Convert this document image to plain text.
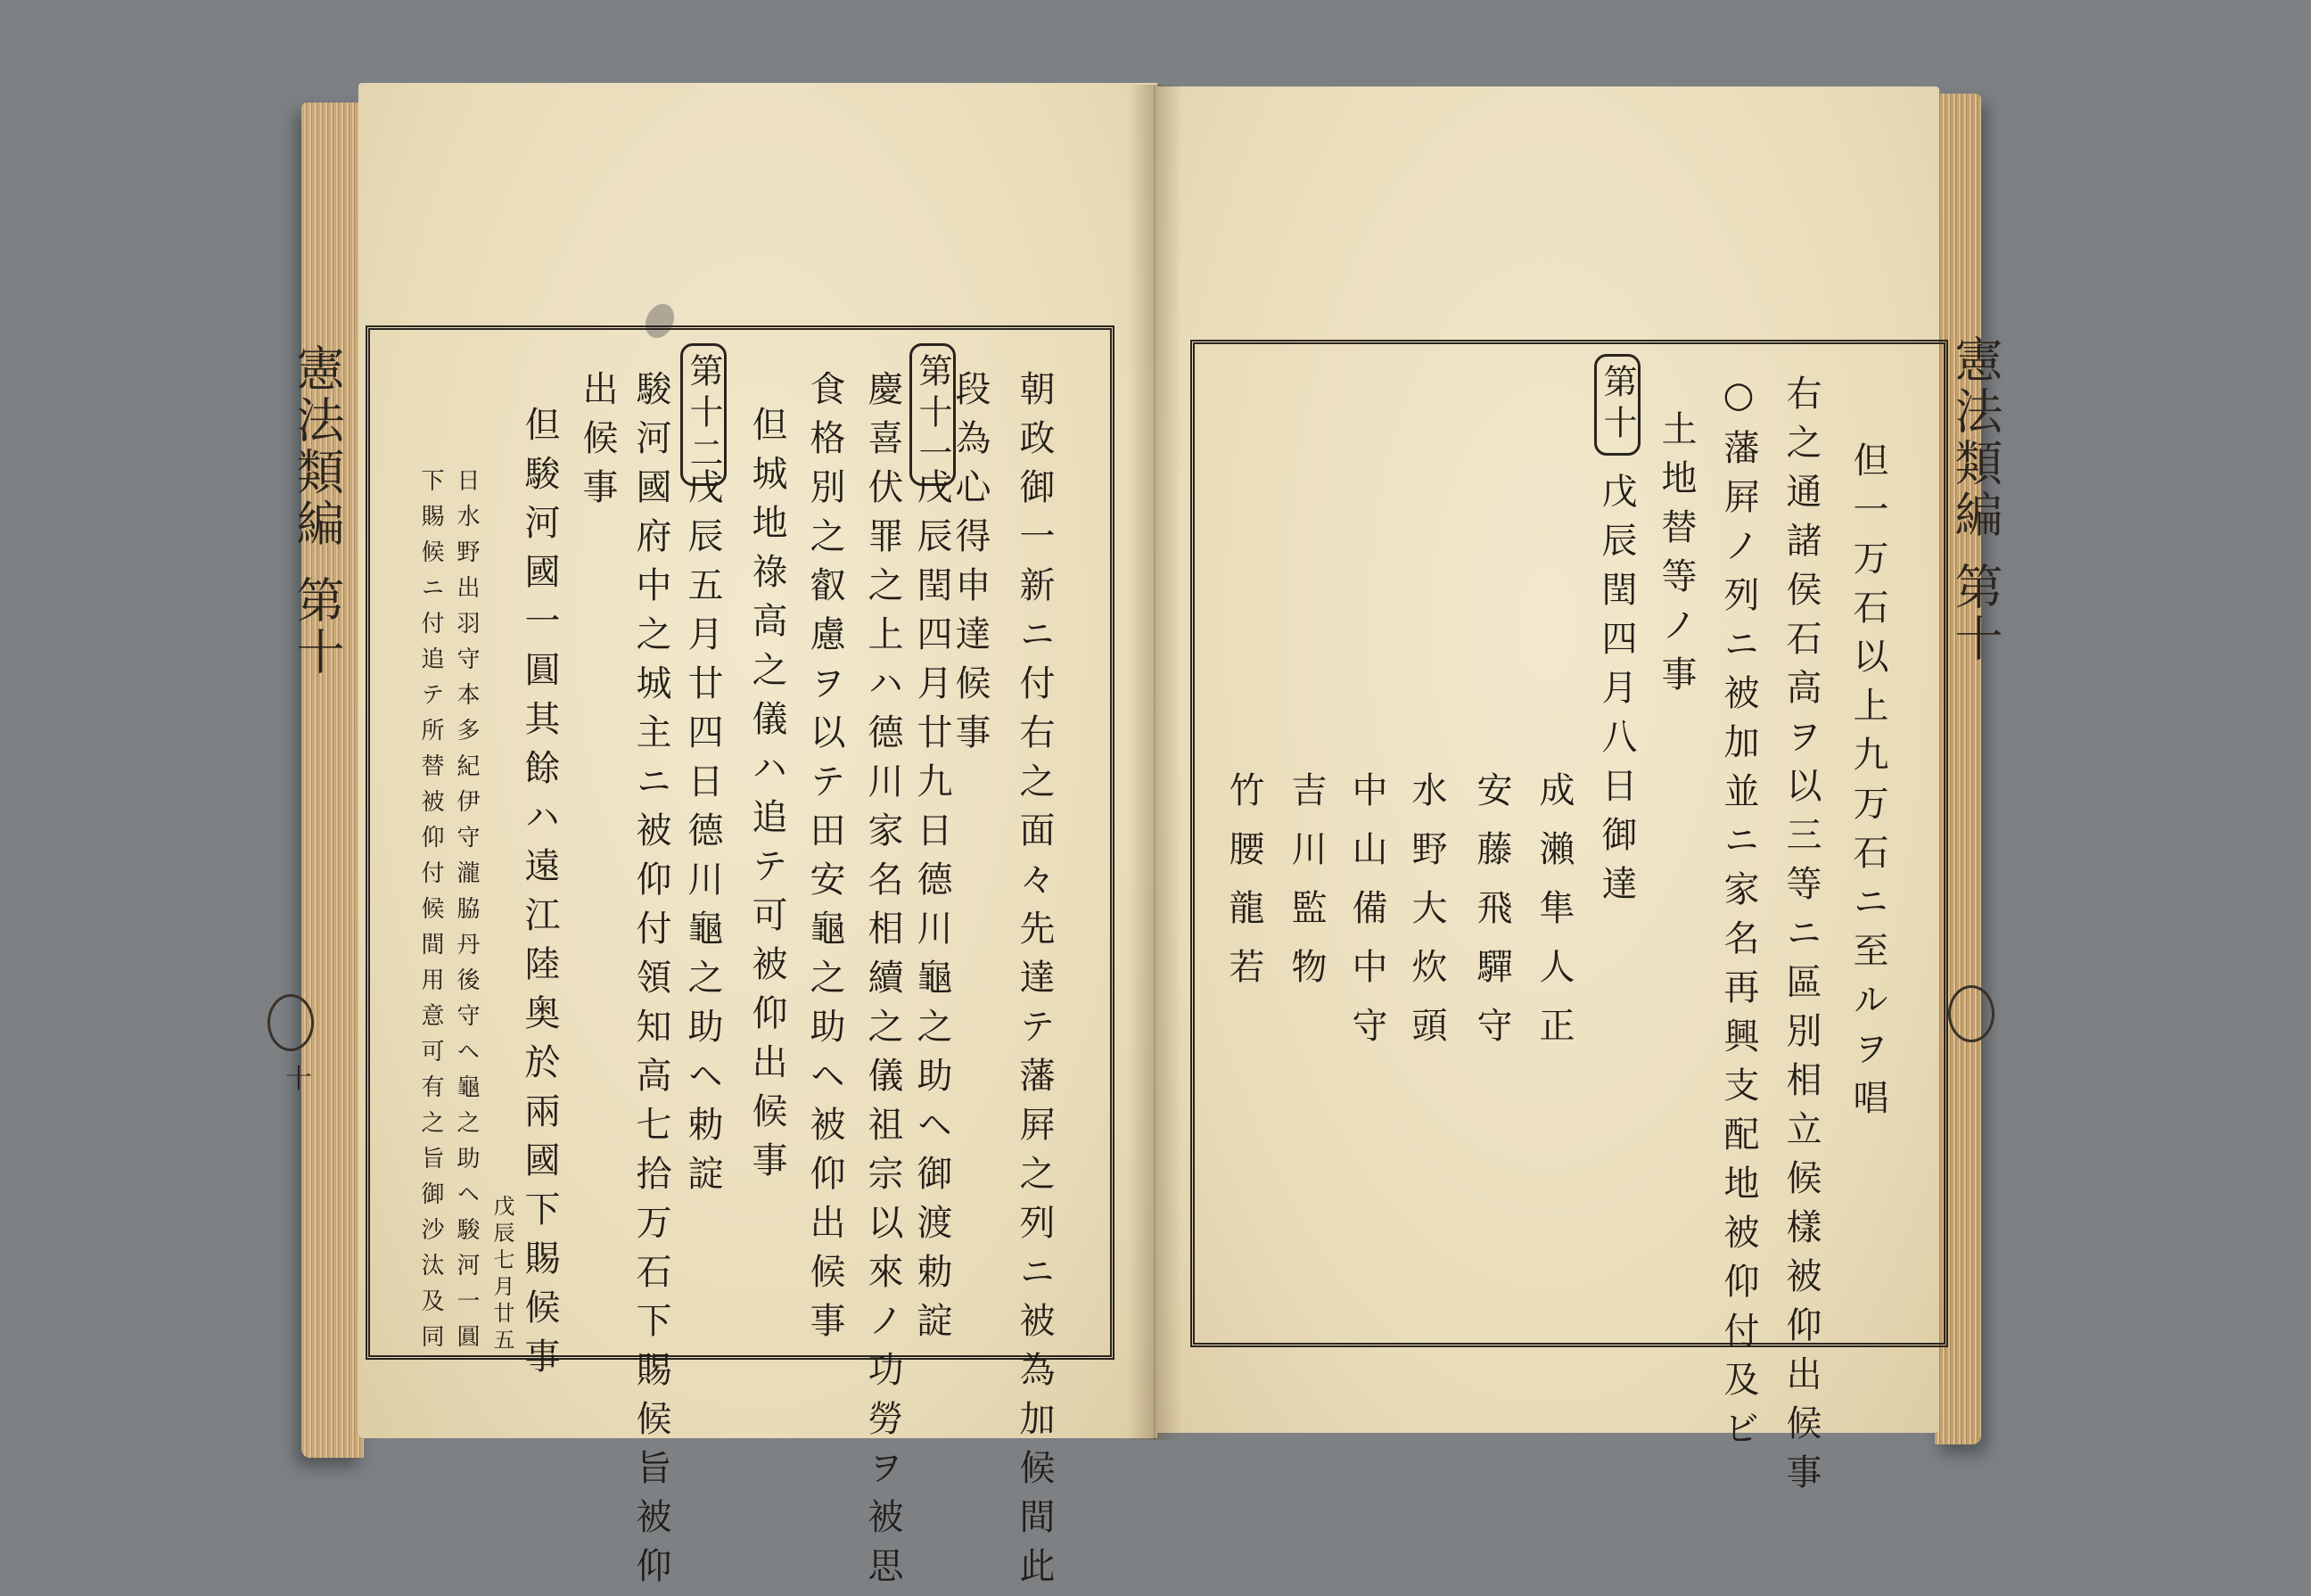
憲法類編
第十
十	朝政御一新ニ付右之面々先達テ藩屛之列ニ被為加候間此
段為心得申達候事
第十一
戊辰閏四月廿九日德川龜之助ヘ御渡勅諚
慶喜伏罪之上ハ德川家名相續之儀祖宗以來ノ功勞ヲ被思
食格別之叡慮ヲ以テ田安龜之助ヘ被仰出候事
但城地祿高之儀ハ追テ可被仰出候事
第十二
戊辰五月廿四日德川龜之助ヘ勅諚
駿河國府中之城主ニ被仰付領知高七拾万石下賜候旨被仰
出候事
但駿河國一圓其餘ハ遠江陸奥於兩國下賜候事
戊辰七月廿五
日水野出羽守本多紀伊守瀧脇丹後守ヘ龜之助ヘ駿河一圓
下賜候ニ付追テ所替被仰付候間用意可有之旨御沙汰及同
憲法類編
第十
但一万石以上九万石ニ至ルヲ唱
右之通諸侯石高ヲ以三等ニ區別相立候樣被仰出候事
○藩屛ノ列ニ被加並ニ家名再興支配地被仰付及ビ
土地替等ノ事
第十
戊辰閏四月八日御達
成瀨隼人正
安藤飛驒守
水野大炊頭
中山備中守
吉川監物
竹腰龍若
